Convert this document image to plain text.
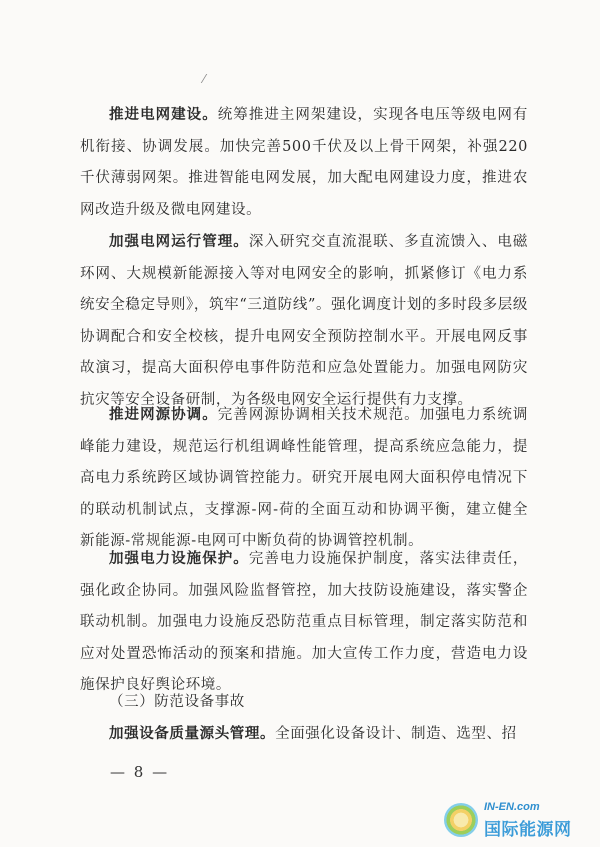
⁄

推进电网建设。统筹推进主网架建设，实现各电压等级电网有机衔接、协调发展。加快完善500千伏及以上骨干网架，补强220千伏薄弱网架。推进智能电网发展，加大配电网建设力度，推进农网改造升级及微电网建设。

加强电网运行管理。深入研究交直流混联、多直流馈入、电磁环网、大规模新能源接入等对电网安全的影响，抓紧修订《电力系统安全稳定导则》，筑牢“三道防线”。强化调度计划的多时段多层级协调配合和安全校核，提升电网安全预防控制水平。开展电网反事故演习，提高大面积停电事件防范和应急处置能力。加强电网防灾抗灾等安全设备研制，为各级电网安全运行提供有力支撑。

推进网源协调。完善网源协调相关技术规范。加强电力系统调峰能力建设，规范运行机组调峰性能管理，提高系统应急能力，提高电力系统跨区域协调管控能力。研究开展电网大面积停电情况下的联动机制试点，支撑源-网-荷的全面互动和协调平衡，建立健全新能源-常规能源-电网可中断负荷的协调管控机制。

加强电力设施保护。完善电力设施保护制度，落实法律责任，强化政企协同。加强风险监督管控，加大技防设施建设，落实警企联动机制。加强电力设施反恐防范重点目标管理，制定落实防范和应对处置恐怖活动的预案和措施。加大宣传工作力度，营造电力设施保护良好舆论环境。

（三）防范设备事故

加强设备质量源头管理。全面强化设备设计、制造、选型、招

— 8 —
IN-EN.com
国际能源网
